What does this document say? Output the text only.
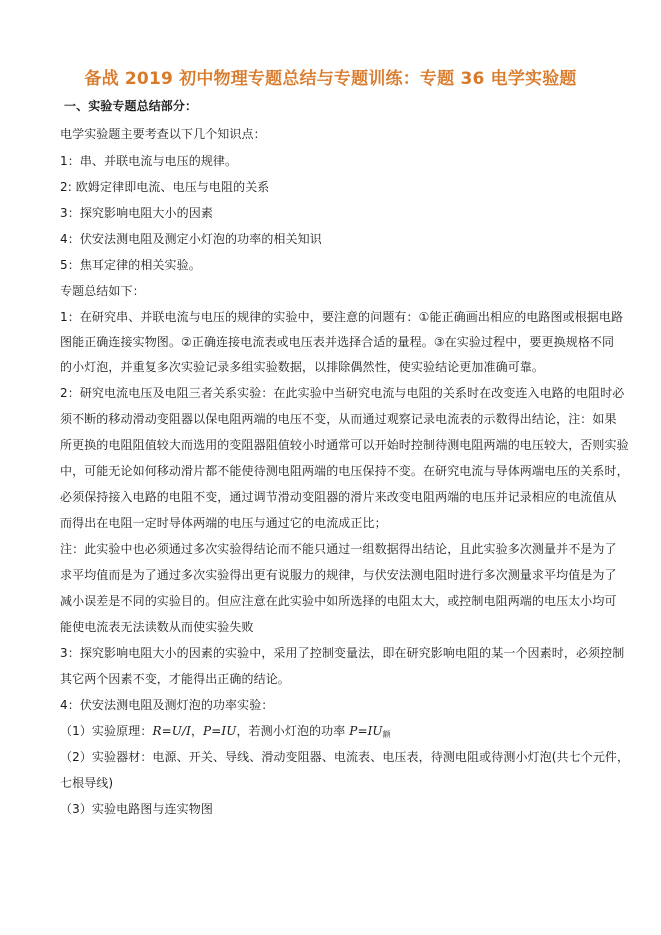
备战 2019 初中物理专题总结与专题训练：专题 36 电学实验题
一、实验专题总结部分：
电学实验题主要考查以下几个知识点：
1：串、并联电流与电压的规律。
2: 欧姆定律即电流、电压与电阻的关系
3：探究影响电阻大小的因素
4：伏安法测电阻及测定小灯泡的功率的相关知识
5：焦耳定律的相关实验。
专题总结如下：
1：在研究串、并联电流与电压的规律的实验中，要注意的问题有：①能正确画出相应的电路图或根据电路
图能正确连接实物图。②正确连接电流表或电压表并选择合适的量程。③在实验过程中，要更换规格不同
的小灯泡，并重复多次实验记录多组实验数据，以排除偶然性，使实验结论更加准确可靠。
2：研究电流电压及电阻三者关系实验：在此实验中当研究电流与电阻的关系时在改变连入电路的电阻时必
须不断的移动滑动变阻器以保电阻两端的电压不变，从而通过观察记录电流表的示数得出结论，注：如果
所更换的电阻阻值较大而选用的变阻器阻值较小时通常可以开始时控制待测电阻两端的电压较大，否则实验
中，可能无论如何移动滑片都不能使待测电阻两端的电压保持不变。在研究电流与导体两端电压的关系时，
必须保持接入电路的电阻不变，通过调节滑动变阻器的滑片来改变电阻两端的电压并记录相应的电流值从
而得出在电阻一定时导体两端的电压与通过它的电流成正比；
注：此实验中也必须通过多次实验得结论而不能只通过一组数据得出结论，且此实验多次测量并不是为了
求平均值而是为了通过多次实验得出更有说服力的规律，与伏安法测电阻时进行多次测量求平均值是为了
减小误差是不同的实验目的。但应注意在此实验中如所选择的电阻太大，或控制电阻两端的电压太小均可
能使电流表无法读数从而使实验失败
3：探究影响电阻大小的因素的实验中，采用了控制变量法，即在研究影响电阻的某一个因素时，必须控制
其它两个因素不变，才能得出正确的结论。
4：伏安法测电阻及测灯泡的功率实验：
（1）实验原理：R=U/I，P=IU，若测小灯泡的功率 $P=IU_额$
（2）实验器材：电源、开关、导线、滑动变阻器、电流表、电压表，待测电阻或待测小灯泡(共七个元件，
七根导线)
（3）实验电路图与连实物图
